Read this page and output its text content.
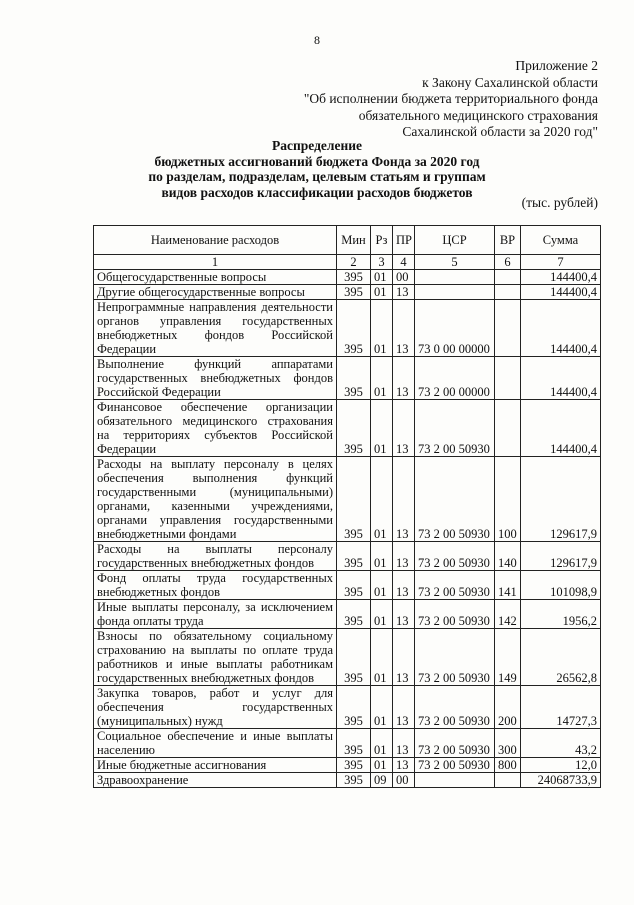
8
Приложение 2
к Закону Сахалинской области
"Об исполнении бюджета территориального фонда
обязательного медицинского страхования
Сахалинской области за 2020 год"
Распределение
бюджетных ассигнований бюджета Фонда за 2020 год
по разделам, подразделам, целевым статьям и группам
видов расходов классификации расходов бюджетов
(тыс. рублей)
Наименование расходов	Мин	Рз	ПР	ЦСР	ВР	Сумма
1	2	3	4	5	6	7
Общегосударственные вопросы	395	01	00			144400,4
Другие общегосударственные вопросы	395	01	13			144400,4
Непрограммные направления деятельности органов управления государственных внебюджетных фондов Российской Федерации	395	01	13	73 0 00 00000		144400,4
Выполнение функций аппаратами государственных внебюджетных фондов Российской Федерации	395	01	13	73 2 00 00000		144400,4
Финансовое обеспечение организации обязательного медицинского страхования на территориях субъектов Российской Федерации	395	01	13	73 2 00 50930		144400,4
Расходы на выплату персоналу в целях обеспечения выполнения функций государственными (муниципальными) органами, казенными учреждениями, органами управления государственными внебюджетными фондами	395	01	13	73 2 00 50930	100	129617,9
Расходы на выплаты персоналу государственных внебюджетных фондов	395	01	13	73 2 00 50930	140	129617,9
Фонд оплаты труда государственных внебюджетных фондов	395	01	13	73 2 00 50930	141	101098,9
Иные выплаты персоналу, за исключением фонда оплаты труда	395	01	13	73 2 00 50930	142	1956,2
Взносы по обязательному социальному страхованию на выплаты по оплате труда работников и иные выплаты работникам государственных внебюджетных фондов	395	01	13	73 2 00 50930	149	26562,8
Закупка товаров, работ и услуг для обеспечения государственных (муниципальных) нужд	395	01	13	73 2 00 50930	200	14727,3
Социальное обеспечение и иные выплаты населению	395	01	13	73 2 00 50930	300	43,2
Иные бюджетные ассигнования	395	01	13	73 2 00 50930	800	12,0
Здравоохранение	395	09	00			24068733,9
